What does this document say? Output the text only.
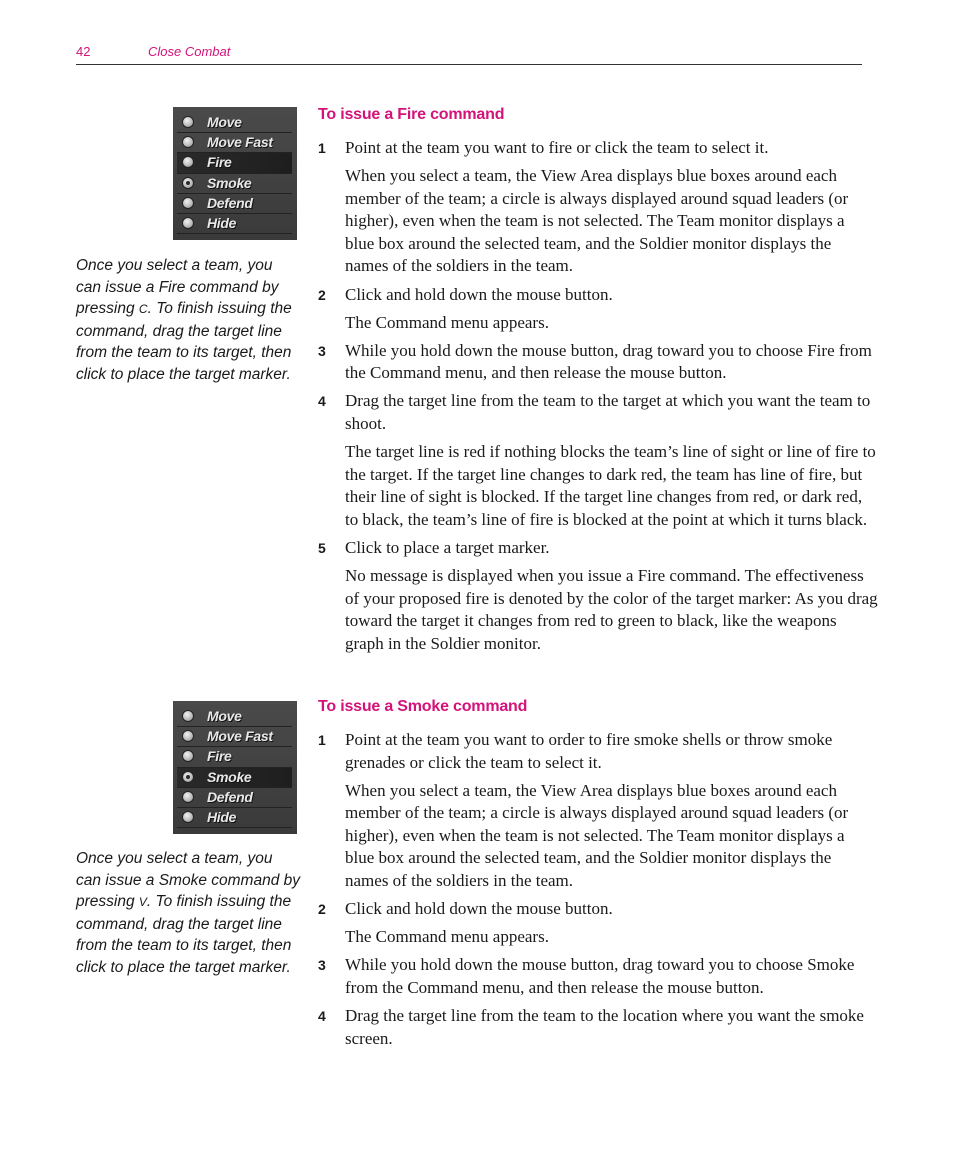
42	Close Combat
Move
Move Fast
Fire
Smoke
Defend
Hide

Once you select a team, you can issue a Fire command by pressing C. To finish issuing the command, drag the target line from the team to its target, then click to place the target marker.

To issue a Fire command

1 Point at the team you want to fire or click the team to select it.

When you select a team, the View Area displays blue boxes around each member of the team; a circle is always displayed around squad leaders (or higher), even when the team is not selected. The Team monitor displays a blue box around the selected team, and the Soldier monitor displays the names of the soldiers in the team.

2 Click and hold down the mouse button.

The Command menu appears.

3 While you hold down the mouse button, drag toward you to choose Fire from the Command menu, and then release the mouse button.

4 Drag the target line from the team to the target at which you want the team to shoot.

The target line is red if nothing blocks the team’s line of sight or line of fire to the target. If the target line changes to dark red, the team has line of fire, but their line of sight is blocked. If the target line changes from red, or dark red, to black, the team’s line of fire is blocked at the point at which it turns black.

5 Click to place a target marker.

No message is displayed when you issue a Fire command. The effectiveness of your proposed fire is denoted by the color of the target marker: As you drag toward the target it changes from red to green to black, like the weapons graph in the Soldier monitor.

Move
Move Fast
Fire
Smoke
Defend
Hide

Once you select a team, you can issue a Smoke command by pressing V. To finish issuing the command, drag the target line from the team to its target, then click to place the target marker.

To issue a Smoke command

1 Point at the team you want to order to fire smoke shells or throw smoke grenades or click the team to select it.

When you select a team, the View Area displays blue boxes around each member of the team; a circle is always displayed around squad leaders (or higher), even when the team is not selected. The Team monitor displays a blue box around the selected team, and the Soldier monitor displays the names of the soldiers in the team.

2 Click and hold down the mouse button.

The Command menu appears.

3 While you hold down the mouse button, drag toward you to choose Smoke from the Command menu, and then release the mouse button.

4 Drag the target line from the team to the location where you want the smoke screen.
